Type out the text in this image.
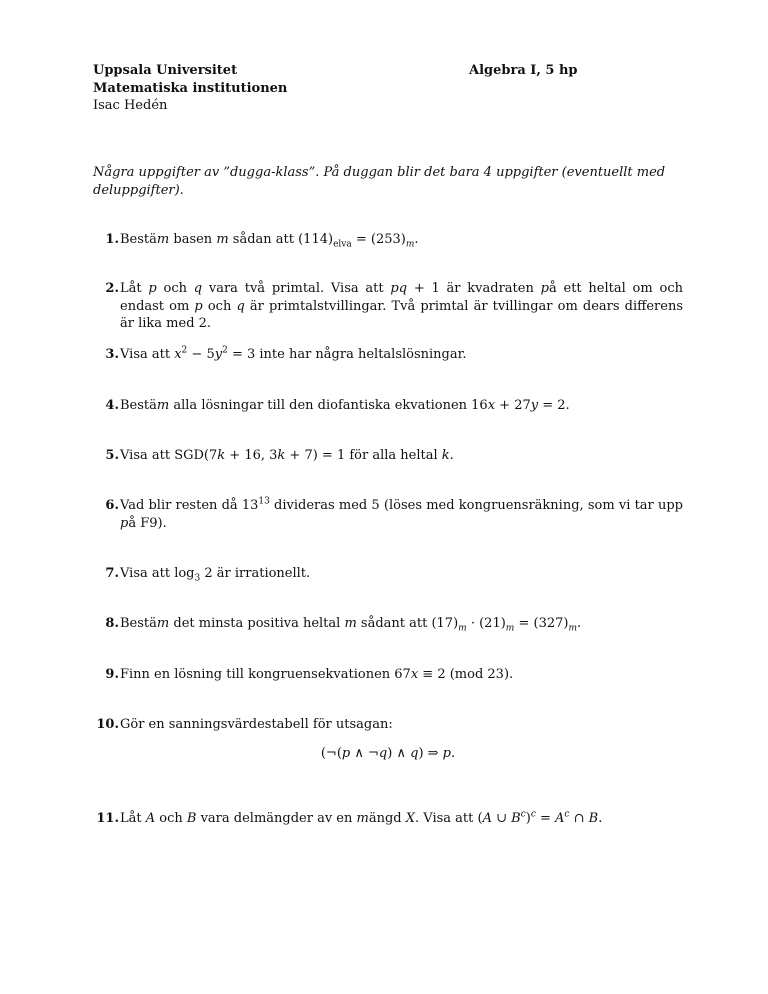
Uppsala Universitet
Matematiska institutionen
Isac Hedén
Algebra I, 5 hp
Några uppgifter av ”dugga-klass”. På duggan blir det bara 4 uppgifter (eventuellt med deluppgifter).
1. Bestäm basen m sådan att $(114)_{elva} = (253)_m$.
2. Låt p och q vara två primtal. Visa att pq + 1 är kvadraten på ett heltal om och endast om p och q är primtalstvillingar. Två primtal är tvillingar om dears differens är lika med 2.
3. Visa att $x^2 - 5y^2 = 3$ inte har några heltalslösningar.
4. Bestäm alla lösningar till den diofantiska ekvationen 16x + 27y = 2.
5. Visa att SGD(7k + 16, 3k + 7) = 1 för alla heltal k.
6. Vad blir resten då $13^{13}$ divideras med 5 (löses med kongruensräkning, som vi tar upp på F9).
7. Visa att $\log_3 2$ är irrationellt.
8. Bestäm det minsta positiva heltal m sådant att $(17)_m \cdot (21)_m = (327)_m$.
9. Finn en lösning till kongruensekvationen 67x ≡ 2 (mod 23).
10. Gör en sanningsvärdestabell för utsagan:
(¬(p ∧ ¬q) ∧ q) ⇒ p.
11. Låt A och B vara delmängder av en mängd X. Visa att (A ∪ $B^c)^c = A^c$ ∩ B.
